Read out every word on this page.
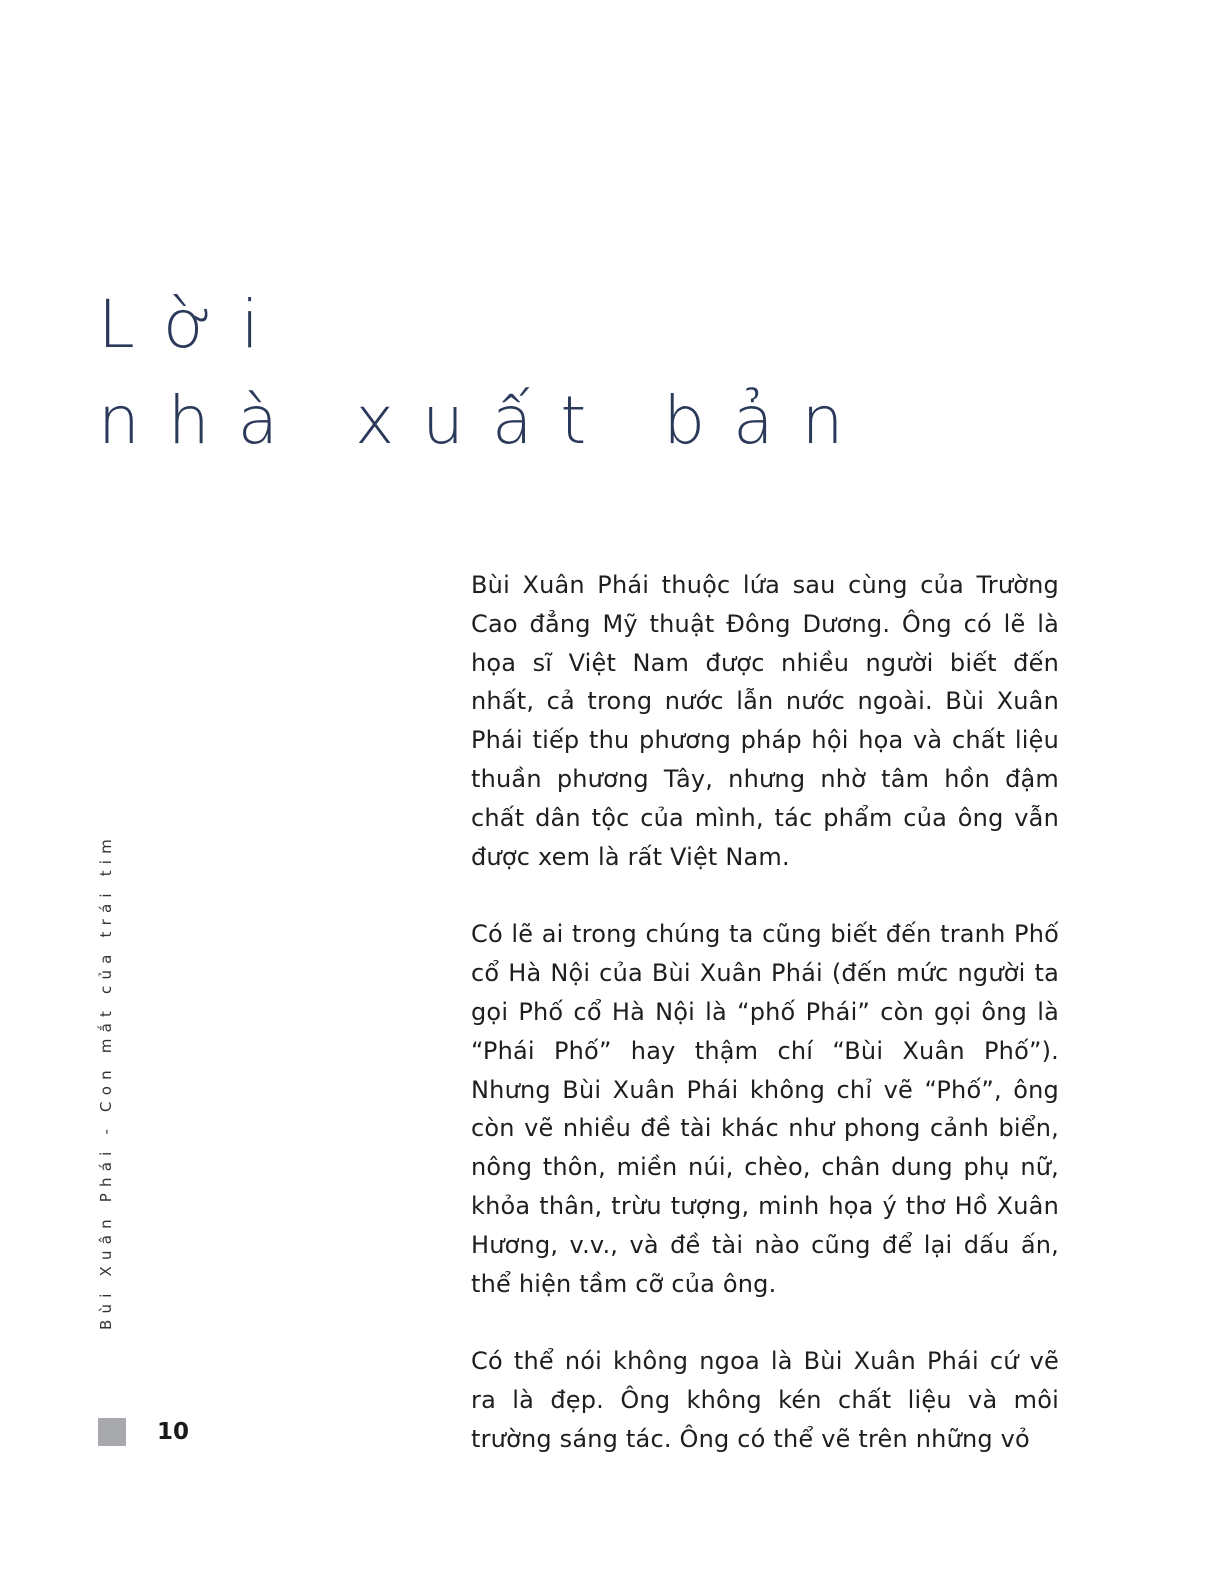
Lời
nhà xuất bản

Bùi Xuân Phái thuộc lứa sau cùng của Trường Cao đẳng Mỹ thuật Đông Dương. Ông có lẽ là họa sĩ Việt Nam được nhiều người biết đến nhất, cả trong nước lẫn nước ngoài. Bùi Xuân Phái tiếp thu phương pháp hội họa và chất liệu thuần phương Tây, nhưng nhờ tâm hồn đậm chất dân tộc của mình, tác phẩm của ông vẫn được xem là rất Việt Nam.

Có lẽ ai trong chúng ta cũng biết đến tranh Phố cổ Hà Nội của Bùi Xuân Phái (đến mức người ta gọi Phố cổ Hà Nội là “phố Phái” còn gọi ông là “Phái Phố” hay thậm chí “Bùi Xuân Phố”). Nhưng Bùi Xuân Phái không chỉ vẽ “Phố”, ông còn vẽ nhiều đề tài khác như phong cảnh biển, nông thôn, miền núi, chèo, chân dung phụ nữ, khỏa thân, trừu tượng, minh họa ý thơ Hồ Xuân Hương, v.v., và đề tài nào cũng để lại dấu ấn, thể hiện tầm cỡ của ông.

Có thể nói không ngoa là Bùi Xuân Phái cứ vẽ ra là đẹp. Ông không kén chất liệu và môi trường sáng tác. Ông có thể vẽ trên những vỏ

Bùi Xuân Phái - Con mắt của trái tim
10
